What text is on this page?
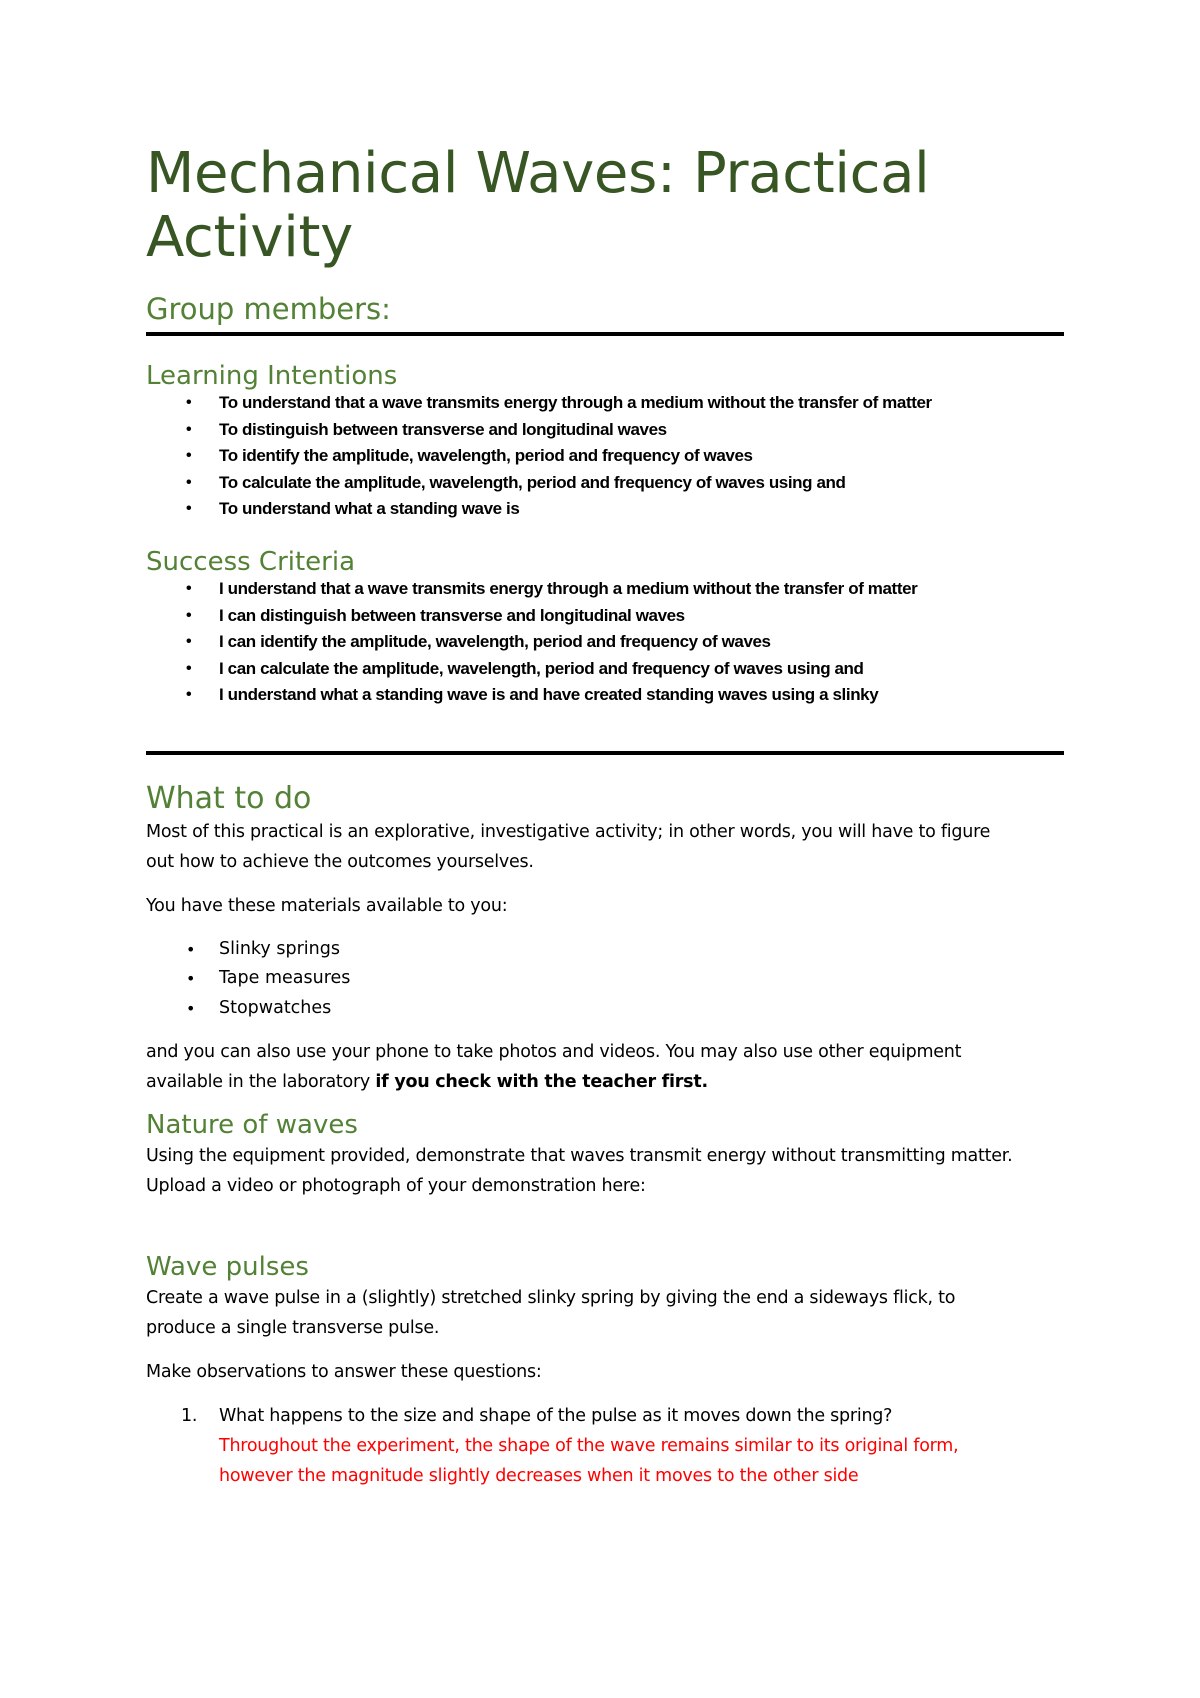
Mechanical Waves: Practical
Activity
Group members:
Learning Intentions
• To understand that a wave transmits energy through a medium without the transfer of matter
• To distinguish between transverse and longitudinal waves
• To identify the amplitude, wavelength, period and frequency of waves
• To calculate the amplitude, wavelength, period and frequency of waves using and
• To understand what a standing wave is
Success Criteria
• I understand that a wave transmits energy through a medium without the transfer of matter
• I can distinguish between transverse and longitudinal waves
• I can identify the amplitude, wavelength, period and frequency of waves
• I can calculate the amplitude, wavelength, period and frequency of waves using and
• I understand what a standing wave is and have created standing waves using a slinky
What to do

Most of this practical is an explorative, investigative activity; in other words, you will have to figure
out how to achieve the outcomes yourselves.

You have these materials available to you:

• Slinky springs
• Tape measures
• Stopwatches

and you can also use your phone to take photos and videos. You may also use other equipment
available in the laboratory if you check with the teacher first.

Nature of waves

Using the equipment provided, demonstrate that waves transmit energy without transmitting matter.
Upload a video or photograph of your demonstration here:

Wave pulses

Create a wave pulse in a (slightly) stretched slinky spring by giving the end a sideways flick, to
produce a single transverse pulse.

Make observations to answer these questions:

1. What happens to the size and shape of the pulse as it moves down the spring?
Throughout the experiment, the shape of the wave remains similar to its original form,
however the magnitude slightly decreases when it moves to the other side
